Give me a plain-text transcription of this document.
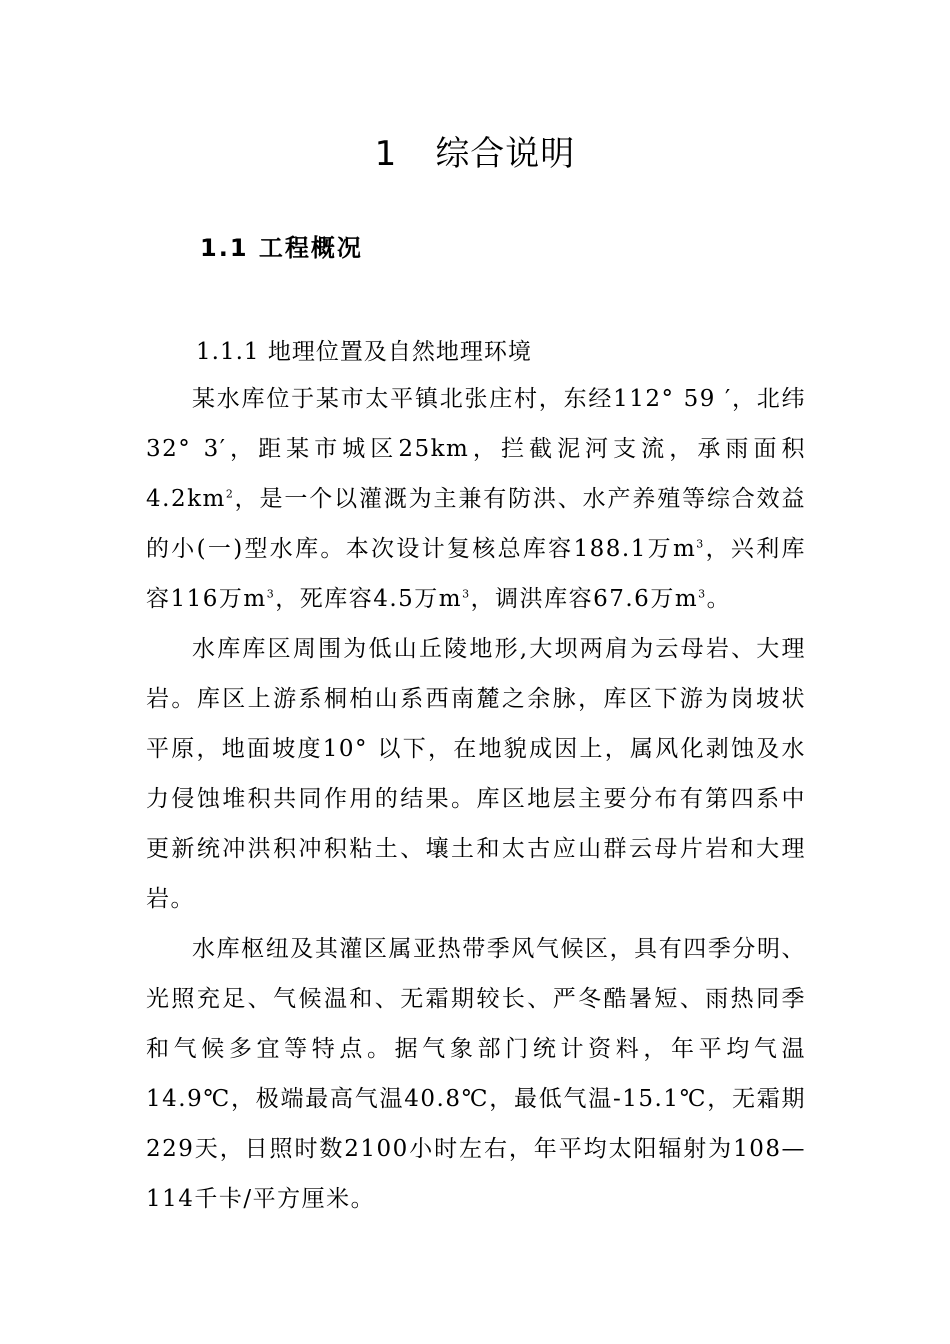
1 综合说明
1.1 工程概况
1.1.1 地理位置及自然地理环境

某水库位于某市太平镇北张庄村，东经112° 59 ′，北纬32° 3′，距某市城区25km，拦截泥河支流，承雨面积$4.2km^2$，是一个以灌溉为主兼有防洪、水产养殖等综合效益的小(一)型水库。本次设计复核总库容188.1万$m^3$，兴利库容116万$m^3$，死库容4.5万$m^3$，调洪库容67.6万$m^3$。

水库库区周围为低山丘陵地形,大坝两肩为云母岩、大理岩。库区上游系桐柏山系西南麓之余脉，库区下游为岗坡状平原，地面坡度10° 以下，在地貌成因上，属风化剥蚀及水力侵蚀堆积共同作用的结果。库区地层主要分布有第四系中更新统冲洪积冲积粘土、壤土和太古应山群云母片岩和大理岩。

水库枢纽及其灌区属亚热带季风气候区，具有四季分明、光照充足、气候温和、无霜期较长、严冬酷暑短、雨热同季和气候多宜等特点。据气象部门统计资料，年平均气温14.9℃，极端最高气温40.8℃，最低气温-15.1℃，无霜期229天，日照时数2100小时左右，年平均太阳辐射为108—114千卡/平方厘米。
